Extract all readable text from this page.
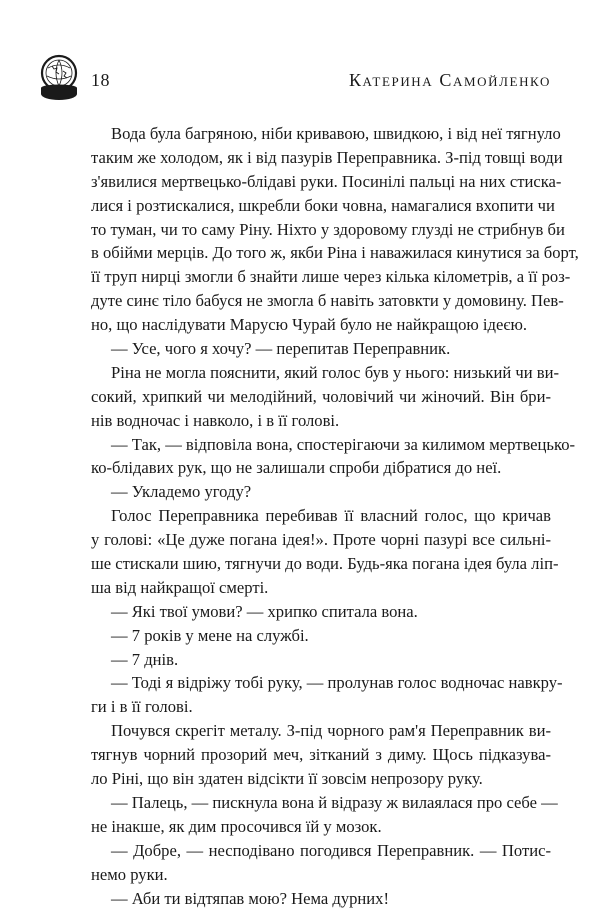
18	Катерина Самойленко

Вода була багряною, ніби кривавою, швидкою, і від неї тягнуло
таким же холодом, як і від пазурів Переправника. З-під товщі води
з'явилися мертвецько-блідаві руки. Посинілі пальці на них стиска-
лися і розтискалися, шкребли боки човна, намагалися вхопити чи
то туман, чи то саму Ріну. Ніхто у здоровому глузді не стрибнув би
в обійми мерців. До того ж, якби Ріна і наважилася кинутися за борт,
її труп нирці змогли б знайти лише через кілька кілометрів, а її роз-
дуте синє тіло бабуся не змогла б навіть затовкти у домовину. Пев-
но, що наслідувати Марусю Чурай було не найкращою ідеєю.

— Усе, чого я хочу? — перепитав Переправник.

Ріна не могла пояснити, який голос був у нього: низький чи ви-
сокий, хрипкий чи мелодійний, чоловічий чи жіночий. Він бри-
нів водночас і навколо, і в її голові.

— Так, — відповіла вона, спостерігаючи за килимом мертвецько-
ко-блідавих рук, що не залишали спроби дібратися до неї.

— Укладемо угоду?

Голос Переправника перебивав її власний голос, що кричав
у голові: «Це дуже погана ідея!». Проте чорні пазурі все сильні-
ше стискали шию, тягнучи до води. Будь-яка погана ідея була ліп-
ша від найкращої смерті.

— Які твої умови? — хрипко спитала вона.

— 7 років у мене на службі.

— 7 днів.

— Тоді я відріжу тобі руку, — пролунав голос водночас навкру-
ги і в її голові.

Почувся скрегіт металу. З-під чорного рам'я Переправник ви-
тягнув чорний прозорий меч, зітканий з диму. Щось підказува-
ло Ріні, що він здатен відсікти її зовсім непрозору руку.

— Палець, — пискнула вона й відразу ж вилаялася про себе —
не інакше, як дим просочився їй у мозок.

— Добре, — несподівано погодився Переправник. — Потис-
немо руки.

— Аби ти відтяпав мою? Нема дурних!
